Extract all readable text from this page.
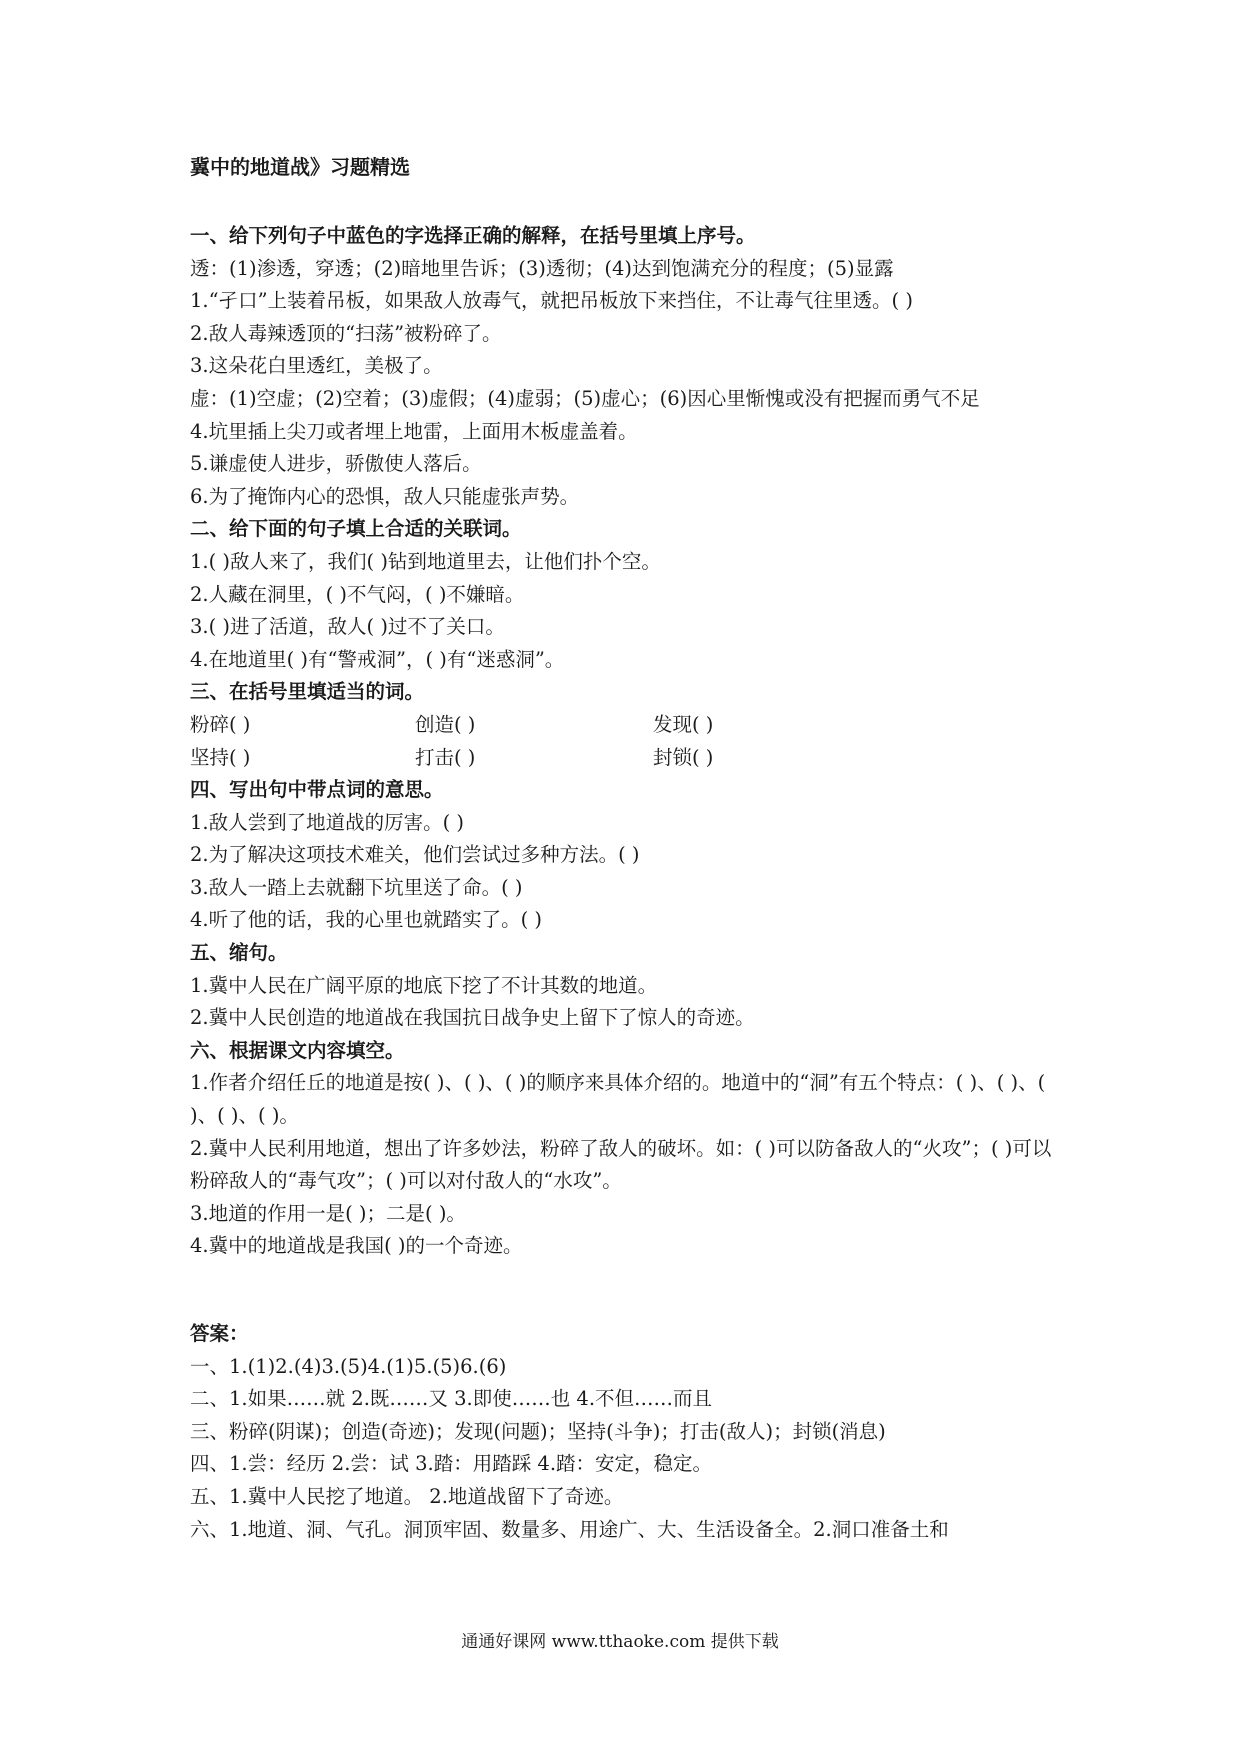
冀中的地道战》习题精选
一、给下列句子中蓝色的字选择正确的解释，在括号里填上序号。
透：(1)渗透，穿透；(2)暗地里告诉；(3)透彻；(4)达到饱满充分的程度；(5)显露
1.“孑口”上装着吊板，如果敌人放毒气，就把吊板放下来挡住，不让毒气往里透。( )
2.敌人毒辣透顶的“扫荡”被粉碎了。
3.这朵花白里透红，美极了。
虚：(1)空虚；(2)空着；(3)虚假；(4)虚弱；(5)虚心；(6)因心里惭愧或没有把握而勇气不足
4.坑里插上尖刀或者埋上地雷，上面用木板虚盖着。
5.谦虚使人进步，骄傲使人落后。
6.为了掩饰内心的恐惧，敌人只能虚张声势。
二、给下面的句子填上合适的关联词。
1.( )敌人来了，我们( )钻到地道里去，让他们扑个空。
2.人藏在洞里，( )不气闷，( )不嫌暗。
3.( )进了活道，敌人( )过不了关口。
4.在地道里( )有“警戒洞”，( )有“迷惑洞”。
三、在括号里填适当的词。
粉碎( )	创造( )	发现( )
坚持( )	打击( )	封锁( )
四、写出句中带点词的意思。
1.敌人尝到了地道战的厉害。( )
2.为了解决这项技术难关，他们尝试过多种方法。( )
3.敌人一踏上去就翻下坑里送了命。( )
4.听了他的话，我的心里也就踏实了。( )
五、缩句。
1.冀中人民在广阔平原的地底下挖了不计其数的地道。
2.冀中人民创造的地道战在我国抗日战争史上留下了惊人的奇迹。
六、根据课文内容填空。
1.作者介绍任丘的地道是按( )、( )、( )的顺序来具体介绍的。地道中的“洞”有五个特点：( )、( )、( )、( )、( )。
2.冀中人民利用地道，想出了许多妙法，粉碎了敌人的破坏。如：( )可以防备敌人的“火攻”；( )可以粉碎敌人的“毒气攻”；( )可以对付敌人的“水攻”。
3.地道的作用一是( )；二是( )。
4.冀中的地道战是我国( )的一个奇迹。
答案：
一、1.(1)2.(4)3.(5)4.(1)5.(5)6.(6)
二、1.如果……就 2.既……又 3.即使……也 4.不但……而且
三、粉碎(阴谋)；创造(奇迹)；发现(问题)；坚持(斗争)；打击(敌人)；封锁(消息)
四、1.尝：经历 2.尝：试 3.踏：用踏踩 4.踏：安定，稳定。
五、1.冀中人民挖了地道。 2.地道战留下了奇迹。
六、1.地道、洞、气孔。洞顶牢固、数量多、用途广、大、生活设备全。2.洞口准备土和
通通好课网 www.tthaoke.com 提供下载
